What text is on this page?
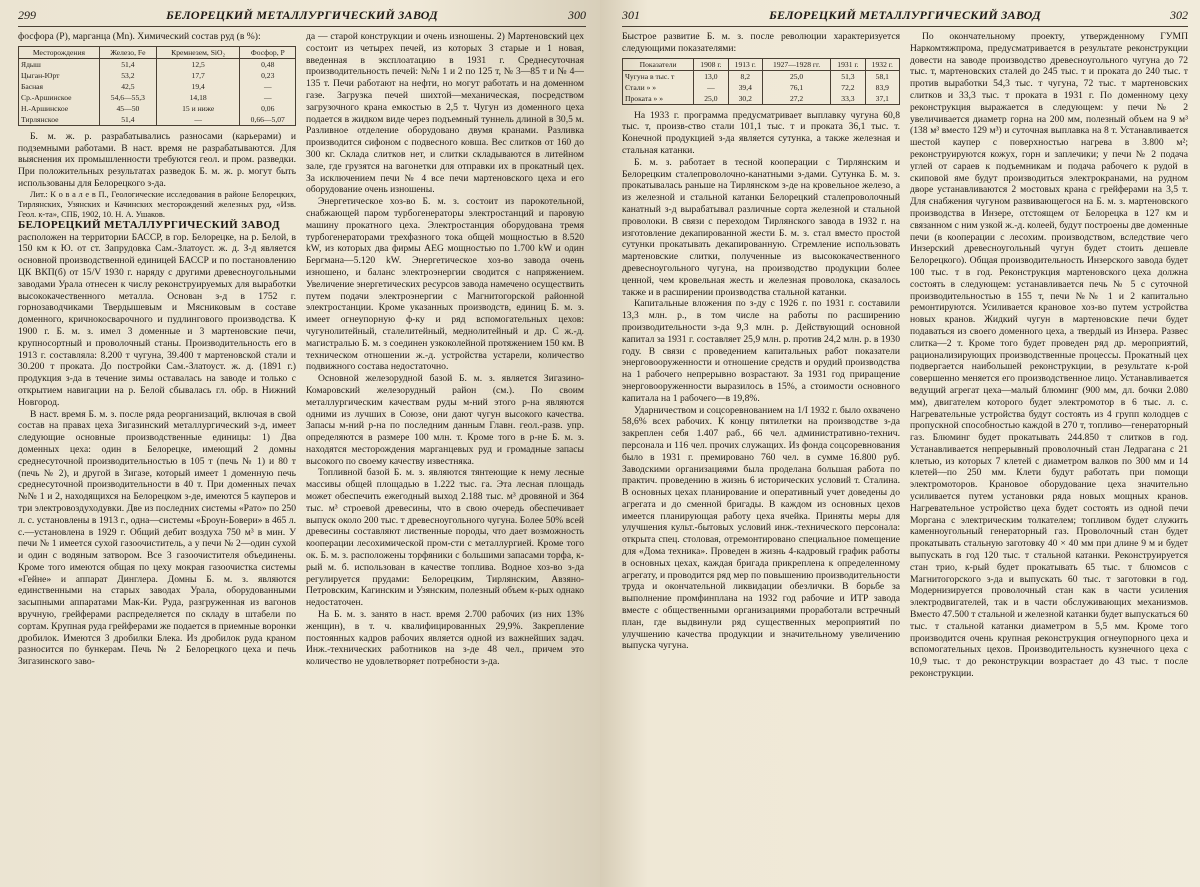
299	БЕЛОРЕЦКИЙ МЕТАЛЛУРГИЧЕСКИЙ ЗАВОД	300

фосфора (P), марганца (Mn). Химический состав руд (в %):

Месторождения	Железо, Fe	Кремнезем, SiO₂	Фосфор, P
Ядыш	51,4	12,5	0,48
Цыган-Юрт	53,2	17,7	0,23
Басная	42,5	19,4	—
Ср.-Аршинское	54,6—55,3	14,18	—
Н.-Аршинское	45—50	15 и ниже	0,06
Тирлянское	51,4	—	0,66—5,07

Б. м. ж. р. разрабатывались разносами (карьерами) и подземными работами. В наст. время не разрабатываются. Для выяснения их промышленности требуются геол. и пром. разведки. При положительных результатах разведок Б. м. ж. р. могут быть использованы для Белорецкого з-да.

Лит.: К о в а л е в П., Геологические исследования в районе Белорецких, Тирлянских, Узянских и Качинских месторождений железных руд, «Изв. Геол. к-та», СПБ, 1902, 10. Н. А. Ушаков.

БЕЛОРЕЦКИЙ МЕТАЛЛУРГИЧЕСКИЙ ЗАВОД

расположен на территории БАССР, в гор. Белорецке, на р. Белой, в 150 км к Ю. от ст. Запрудовка Сам.-Златоуст. ж. д. З-д является основной производственной единицей БАССР и по постановлению ЦК ВКП(б) от 15/V 1930 г. наряду с другими древесноугольными заводами Урала отнесен к числу реконструируемых для выработки высококачественного металла. Основан з-д в 1752 г. горнозаводчиками Твердышевым и Мясниковым в составе доменного, кричнокосварочного и пудлингового производства. К 1900 г. Б. м. з. имел 3 доменные и 3 мартеновские печи, крупносортный и проволочный станы. Производительность его в 1913 г. составляла: 8.200 т чугуна, 39.400 т мартеновской стали и 30.200 т проката. До постройки Сам.-Златоуст. ж. д. (1891 г.) продукция з-да в течение зимы оставалась на заводе и только с открытием навигации на р. Белой сбывалась гл. обр. в Нижний Новгород.

В наст. время Б. м. з. после ряда реорганизаций, включая в свой состав на правах цеха Зигазинский металлургический з-д, имеет следующие основные производственные единицы: 1) Два доменных цеха: один в Белорецке, имеющий 2 домны среднесуточной производительностью в 105 т (печь № 1) и 80 т (печь № 2), и другой в Зигазе, который имеет 1 доменную печь среднесуточной производительности в 40 т. При доменных печах №№ 1 и 2, находящихся на Белорецком з-де, имеются 5 кауперов и три электровоздуходувки. Две из последних системы «Рато» по 250 л. с. установлены в 1913 г., одна—системы «Броун-Бовери» в 465 л. с.—установлена в 1929 г. Общий дебит воздуха 750 м³ в мин. У печи № 1 имеется сухой газоочиститель, а у печи № 2—один сухой и один с водяным затвором. Все 3 газоочистителя объединены. Кроме того имеются общая по цеху мокрая газоочистка системы «Гейне» и аппарат Динглера. Домны Б. м. з. являются единственными на старых заводах Урала, оборудованными засыпными аппаратами Мак-Ки. Руда, разгруженная из вагонов вручную, грейферами распределяется по складу в штабели по сортам. Крупная руда грейферами же подается в приемные воронки дробилок. Имеются 3 дробилки Блека. Из дробилок руда краном разносится по бункерам. Печь № 2 Белорецкого цеха и печь Зигазинского заво-

да — старой конструкции и очень изношены. 2) Мартеновский цех состоит из четырех печей, из которых 3 старые и 1 новая, введенная в эксплоатацию в 1931 г. Среднесуточная производительность печей: №№ 1 и 2 по 125 т, № 3—85 т и № 4—135 т. Печи работают на нефти, но могут работать и на доменном газе. Загрузка печей шихтой—механическая, посредством загрузочного крана емкостью в 2,5 т. Чугун из доменного цеха подается в жидком виде через подъемный туннель длиной в 30,5 м. Разливное отделение оборудовано двумя кранами. Разливка производится сифоном с подвесного ковша. Вес слитков от 160 до 300 кг. Склада слитков нет, и слитки складываются в литейном зале, где грузятся на вагонетки для отправки их в прокатный цех. За исключением печи № 4 все печи мартеновского цеха и его оборудование очень изношены.

Энергетическое хоз-во Б. м. з. состоит из парокотельной, снабжающей паром турбогенераторы электростанций и паровую машину прокатного цеха. Электростанция оборудована тремя турбогенераторами трехфазного тока общей мощностью в 8.520 kW, из которых два фирмы АЕG мощностью по 1.700 kW и один Бергмана—5.120 kW. Энергетическое хоз-во завода очень изношено, и баланс электроэнергии сводится с напряжением. Увеличение энергетических ресурсов завода намечено осуществить путем подачи электроэнергии с Магнитогорской районной электростанции. Кроме указанных производств, единиц Б. м. з. имеет огнеупорную ф-ку и ряд вспомогательных цехов: чугунолитейный, сталелитейный, меднолитейный и др. С ж.-д. магистралью Б. м. з соединен узкоколейной протяжением 150 км. В техническом отношении ж.-д. устройства устарели, количество подвижного состава недостаточно.

Основной железорудной базой Б. м. з. является Зигазино-Комаровский железорудный район (см.). По своим металлургическим качествам руды м-ний этого р-на являются одними из лучших в Союзе, они дают чугун высокого качества. Запасы м-ний р-на по последним данным Главн. геол.-разв. упр. определяются в размере 100 млн. т. Кроме того в р-не Б. м. з. находятся месторождения марганцевых руд и громадные запасы высокого по своему качеству известняка.

Топливной базой Б. м. з. являются тянтеющие к нему лесные массивы общей площадью в 1.222 тыс. га. Эта лесная площадь может обеспечить ежегодный выход 2.188 тыс. м³ дровяной и 364 тыс. м³ строевой древесины, что в свою очередь обеспечивает выпуск около 200 тыс. т древесноугольного чугуна. Более 50% всей древесины составляют лиственные породы, что дает возможность кооперации лесохимической пром-сти с металлургией. Кроме того ок. Б. м. з. расположены торфяники с большими запасами торфа, к-рый м. б. использован в качестве топлива. Водное хоз-во з-да регулируется прудами: Белорецким, Тирлянским, Авзяно-Петровским, Кагинским и Узянским, полезный объем к-рых однако недостаточен.

На Б. м. з. занято в наст. время 2.700 рабочих (из них 13% женщин), в т. ч. квалифицированных 29,9%. Закрепление постоянных кадров рабочих является одной из важнейших задач. Инж.-технических работников на з-де 48 чел., причем это количество не удовлетворяет потребности з-да.

301	БЕЛОРЕЦКИЙ МЕТАЛЛУРГИЧЕСКИЙ ЗАВОД	302

Быстрое развитие Б. м. з. после революции характеризуется следующими показателями:

Показатели	1908 г.	1913 г.	1927—1928 гг.	1931 г.	1932 г.
Чугуна в тыс. т	13,0	8,2	25,0	51,3	58,1
Стали » »	—	39,4	76,1	72,2	83,9
Проката » »	25,0	30,2	27,2	33,3	37,1

На 1933 г. программа предусматривает выплавку чугуна 60,8 тыс. т, произв-ство стали 101,1 тыс. т и проката 36,1 тыс. т. Конечной продукцией з-да является сутунка, а также железная и стальная катанки.

Б. м. з. работает в тесной кооперации с Тирлянским и Белорецким сталепроволочно-канатными з-дами. Сутунка Б. м. з. прокатывалась раньше на Тирлянском з-де на кровельное железо, а из железной и стальной катанки Белорецкий сталепроволочный канатный з-д вырабатывал различные сорта железной и стальной проволоки. В связи с переходом Тирлянского завода в 1932 г. на изготовление декапированной жести Б. м. з. стал вместо простой сутунки прокатывать декапированную. Стремление использовать мартеновские слитки, полученные из высококачественного древесноугольного чугуна, на производство продукции более ценной, чем кровельная жесть и железная проволока, сказалось также и в расширении производства стальной катанки.

Капитальные вложения по з-ду с 1926 г. по 1931 г. составили 13,3 млн. р., в том числе на работы по расширению производительности з-да 9,3 млн. р. Действующий основной капитал за 1931 г. составляет 25,9 млн. р. против 24,2 млн. р. в 1930 году. В связи с проведением капитальных работ показатели энерговооруженности и отношение средств и орудий производства на 1 рабочего непрерывно возрастают. За 1931 год приращение энерговооруженности выразилось в 15%, а стоимости основного капитала на 1 рабочего—в 19,8%.

Ударничеством и соцсоревнованием на 1/I 1932 г. было охвачено 58,6% всех рабочих. К концу пятилетки на производстве з-да закреплен себя 1.407 раб., 66 чел. административно-технич. персонала и 116 чел. прочих служащих. Из фонда соцсоревнования было в 1931 г. премировано 760 чел. в сумме 16.800 руб. Заводскими организациями была проделана большая работа по практич. проведению в жизнь 6 исторических условий т. Сталина. В основных цехах планирование и оперативный учет доведены до агрегата и до сменной бригады. В каждом из основных цехов имеется планирующая работу цеха ячейка. Приняты меры для улучшения культ.-бытовых условий инж.-технического персонала: открыта спец. столовая, отремонтировано специальное помещение для «Дома техника». Проведен в жизнь 4-кадровый график работы в основных цехах, каждая бригада прикреплена к определенному агрегату, и проводится ряд мер по повышению производительности труда и окончательной ликвидации обезлички. В борьбе за выполнение промфинплана на 1932 год рабочие и ИТР завода вместе с общественными организациями проработали встречный план, где выдвинули ряд существенных мероприятий по улучшению качества продукции и значительному увеличению выпуска чугуна.

По окончательному проекту, утвержденному ГУМП Наркомтяжпрома, предусматривается в результате реконструкции довести на заводе производство древесноугольного чугуна до 72 тыс. т, мартеновских сталей до 245 тыс. т и проката до 240 тыс. т против выработки 54,3 тыс. т чугуна, 72 тыс. т мартеновских слитков и 33,3 тыс. т проката в 1931 г. По доменному цеху реконструкция выражается в следующем: у печи № 2 увеличивается диаметр горна на 200 мм, полезный объем на 9 м³ (138 м³ вместо 129 м³) и суточная выплавка на 8 т. Устанавливается шестой каупер с поверхностью нагрева в 3.800 м²; реконструируются кожух, горн и заплечики; у печи № 2 подача углей от сараев к подъемникам и подача рабочего к рудой в скиповой яме будут производиться электрокранами, на рудном дворе устанавливаются 2 мостовых крана с грейферами на 3,5 т. Для снабжения чугуном развивающегося на Б. м. з. мартеновского производства в Инзере, отстоящем от Белорецка в 127 км и связанном с ним узкой ж.-д. колеей, будут построены две доменные печи (в кооперации с лесохим. производством, вследствие чего Инзерский древесноугольный чугун будет стоить дешевле Белорецкого). Общая производительность Инзерского завода будет 100 тыс. т в год. Реконструкция мартеновского цеха должна состоять в следующем: устанавливается печь № 5 с суточной производительностью в 155 т, печи №№ 1 и 2 капитально ремонтируются. Усиливается крановое хоз-во путем устройства новых кранов. Жидкий чугун в мартеновские печи будет подаваться из своего доменного цеха, а твердый из Инзера. Развес слитка—2 т. Кроме того будет проведен ряд др. мероприятий, рационализирующих производственные процессы. Прокатный цех подвергается наибольшей реконструкции, в результате к-рой совершенно меняется его производственное лицо. Устанавливается ведущий агрегат цеха—малый блюминг (900 мм, дл. бочки 2.080 мм), двигателем которого будет электромотор в 6 тыс. л. с. Нагревательные устройства будут состоять из 4 групп колодцев с пропускной способностью каждой в 270 т, топливо—генераторный газ. Блюминг будет прокатывать 244.850 т слитков в год. Устанавливается непрерывный проволочный стан Ледрагана с 21 клетью, из которых 7 клетей с диаметром валков по 300 мм и 14 клетей—по 250 мм. Клети будут работать при помощи электромоторов. Крановое оборудование цеха значительно усиливается путем установки ряда новых мощных кранов. Нагревательное устройство цеха будет состоять из одной печи Моргана с электрическим толкателем; топливом будет служить каменноугольный генераторный газ. Проволочный стан будет прокатывать стальную заготовку 40 × 40 мм при длине 9 м и будет выпускать в год 120 тыс. т стальной катанки. Реконструируется стан трио, к-рый будет прокатывать 65 тыс. т блюмсов с Магнитогорского з-да и выпускать 60 тыс. т заготовки в год. Модернизируется проволочный стан как в части усиления электродвигателей, так и в части обслуживающих механизмов. Вместо 47.500 т стальной и железной катанки будет выпускаться 60 тыс. т стальной катанки диаметром в 5,5 мм. Кроме того производится очень крупная реконструкция огнеупорного цеха и вспомогательных цехов. Производительность кузнечного цеха с 10,9 тыс. т до реконструкции возрастает до 43 тыс. т после реконструкции.
